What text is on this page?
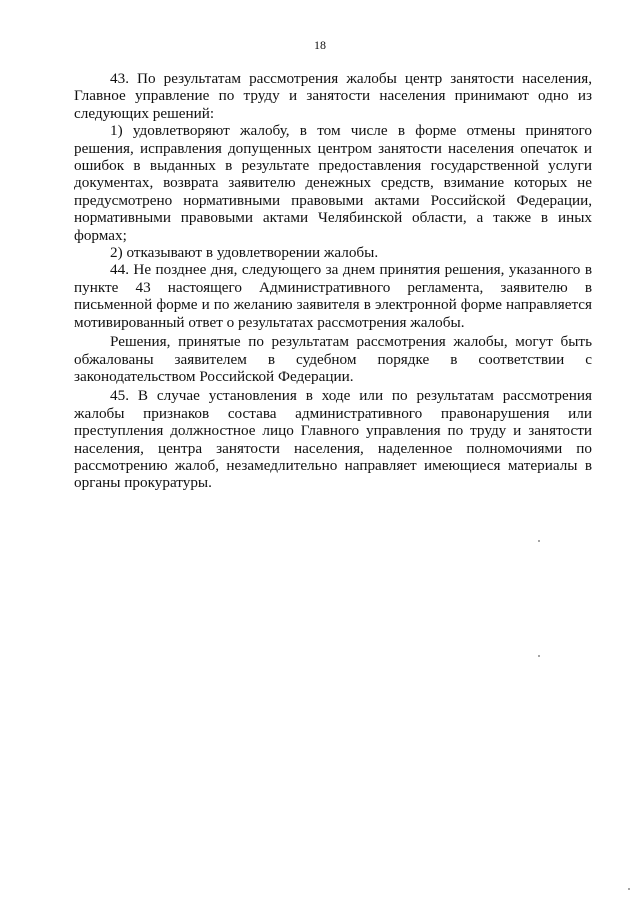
18

43. По результатам рассмотрения жалобы центр занятости населения, Главное управление по труду и занятости населения принимают одно из следующих решений:

1) удовлетворяют жалобу, в том числе в форме отмены принятого решения, исправления допущенных центром занятости населения опечаток и ошибок в выданных в результате предоставления государственной услуги документах, возврата заявителю денежных средств, взимание которых не предусмотрено нормативными правовыми актами Российской Федерации, нормативными правовыми актами Челябинской области, а также в иных формах;

2) отказывают в удовлетворении жалобы.

44. Не позднее дня, следующего за днем принятия решения, указанного в пункте 43 настоящего Административного регламента, заявителю в письменной форме и по желанию заявителя в электронной форме направляется мотивированный ответ о результатах рассмотрения жалобы.

Решения, принятые по результатам рассмотрения жалобы, могут быть обжалованы заявителем в судебном порядке в соответствии с законодательством Российской Федерации.

45. В случае установления в ходе или по результатам рассмотрения жалобы признаков состава административного правонарушения или преступления должностное лицо Главного управления по труду и занятости населения, центра занятости населения, наделенное полномочиями по рассмотрению жалоб, незамедлительно направляет имеющиеся материалы в органы прокуратуры.
